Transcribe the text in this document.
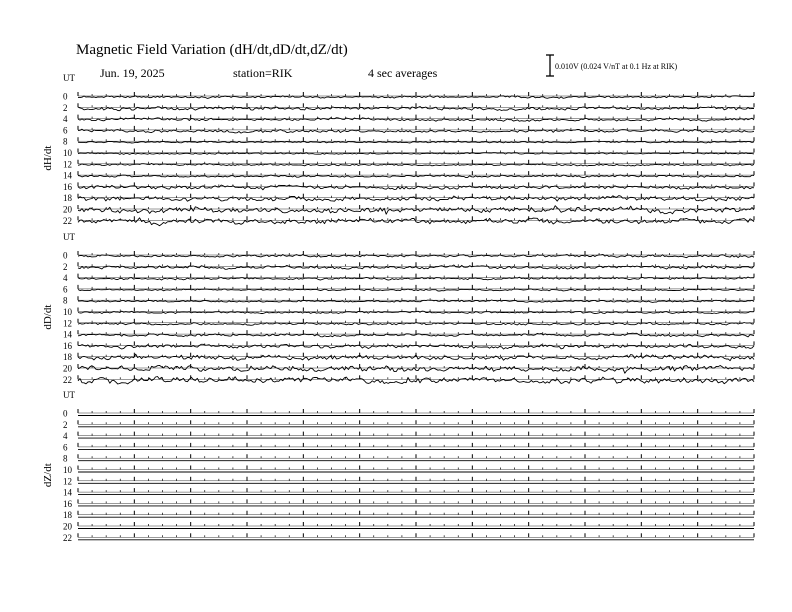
Magnetic Field Variation (dH/dt,dD/dt,dZ/dt)
Jun. 19, 2025	station=RIK	4 sec averages	0.010V (0.024 V/nT at 0.1 Hz at RIK)
UT
dH/dt
0
2
4
6
8
10
12
14
16
18
20
22
UT
dD/dt
0
2
4
6
8
10
12
14
16
18
20
22
UT
dZ/dt
0
2
4
6
8
10
12
14
16
18
20
22
